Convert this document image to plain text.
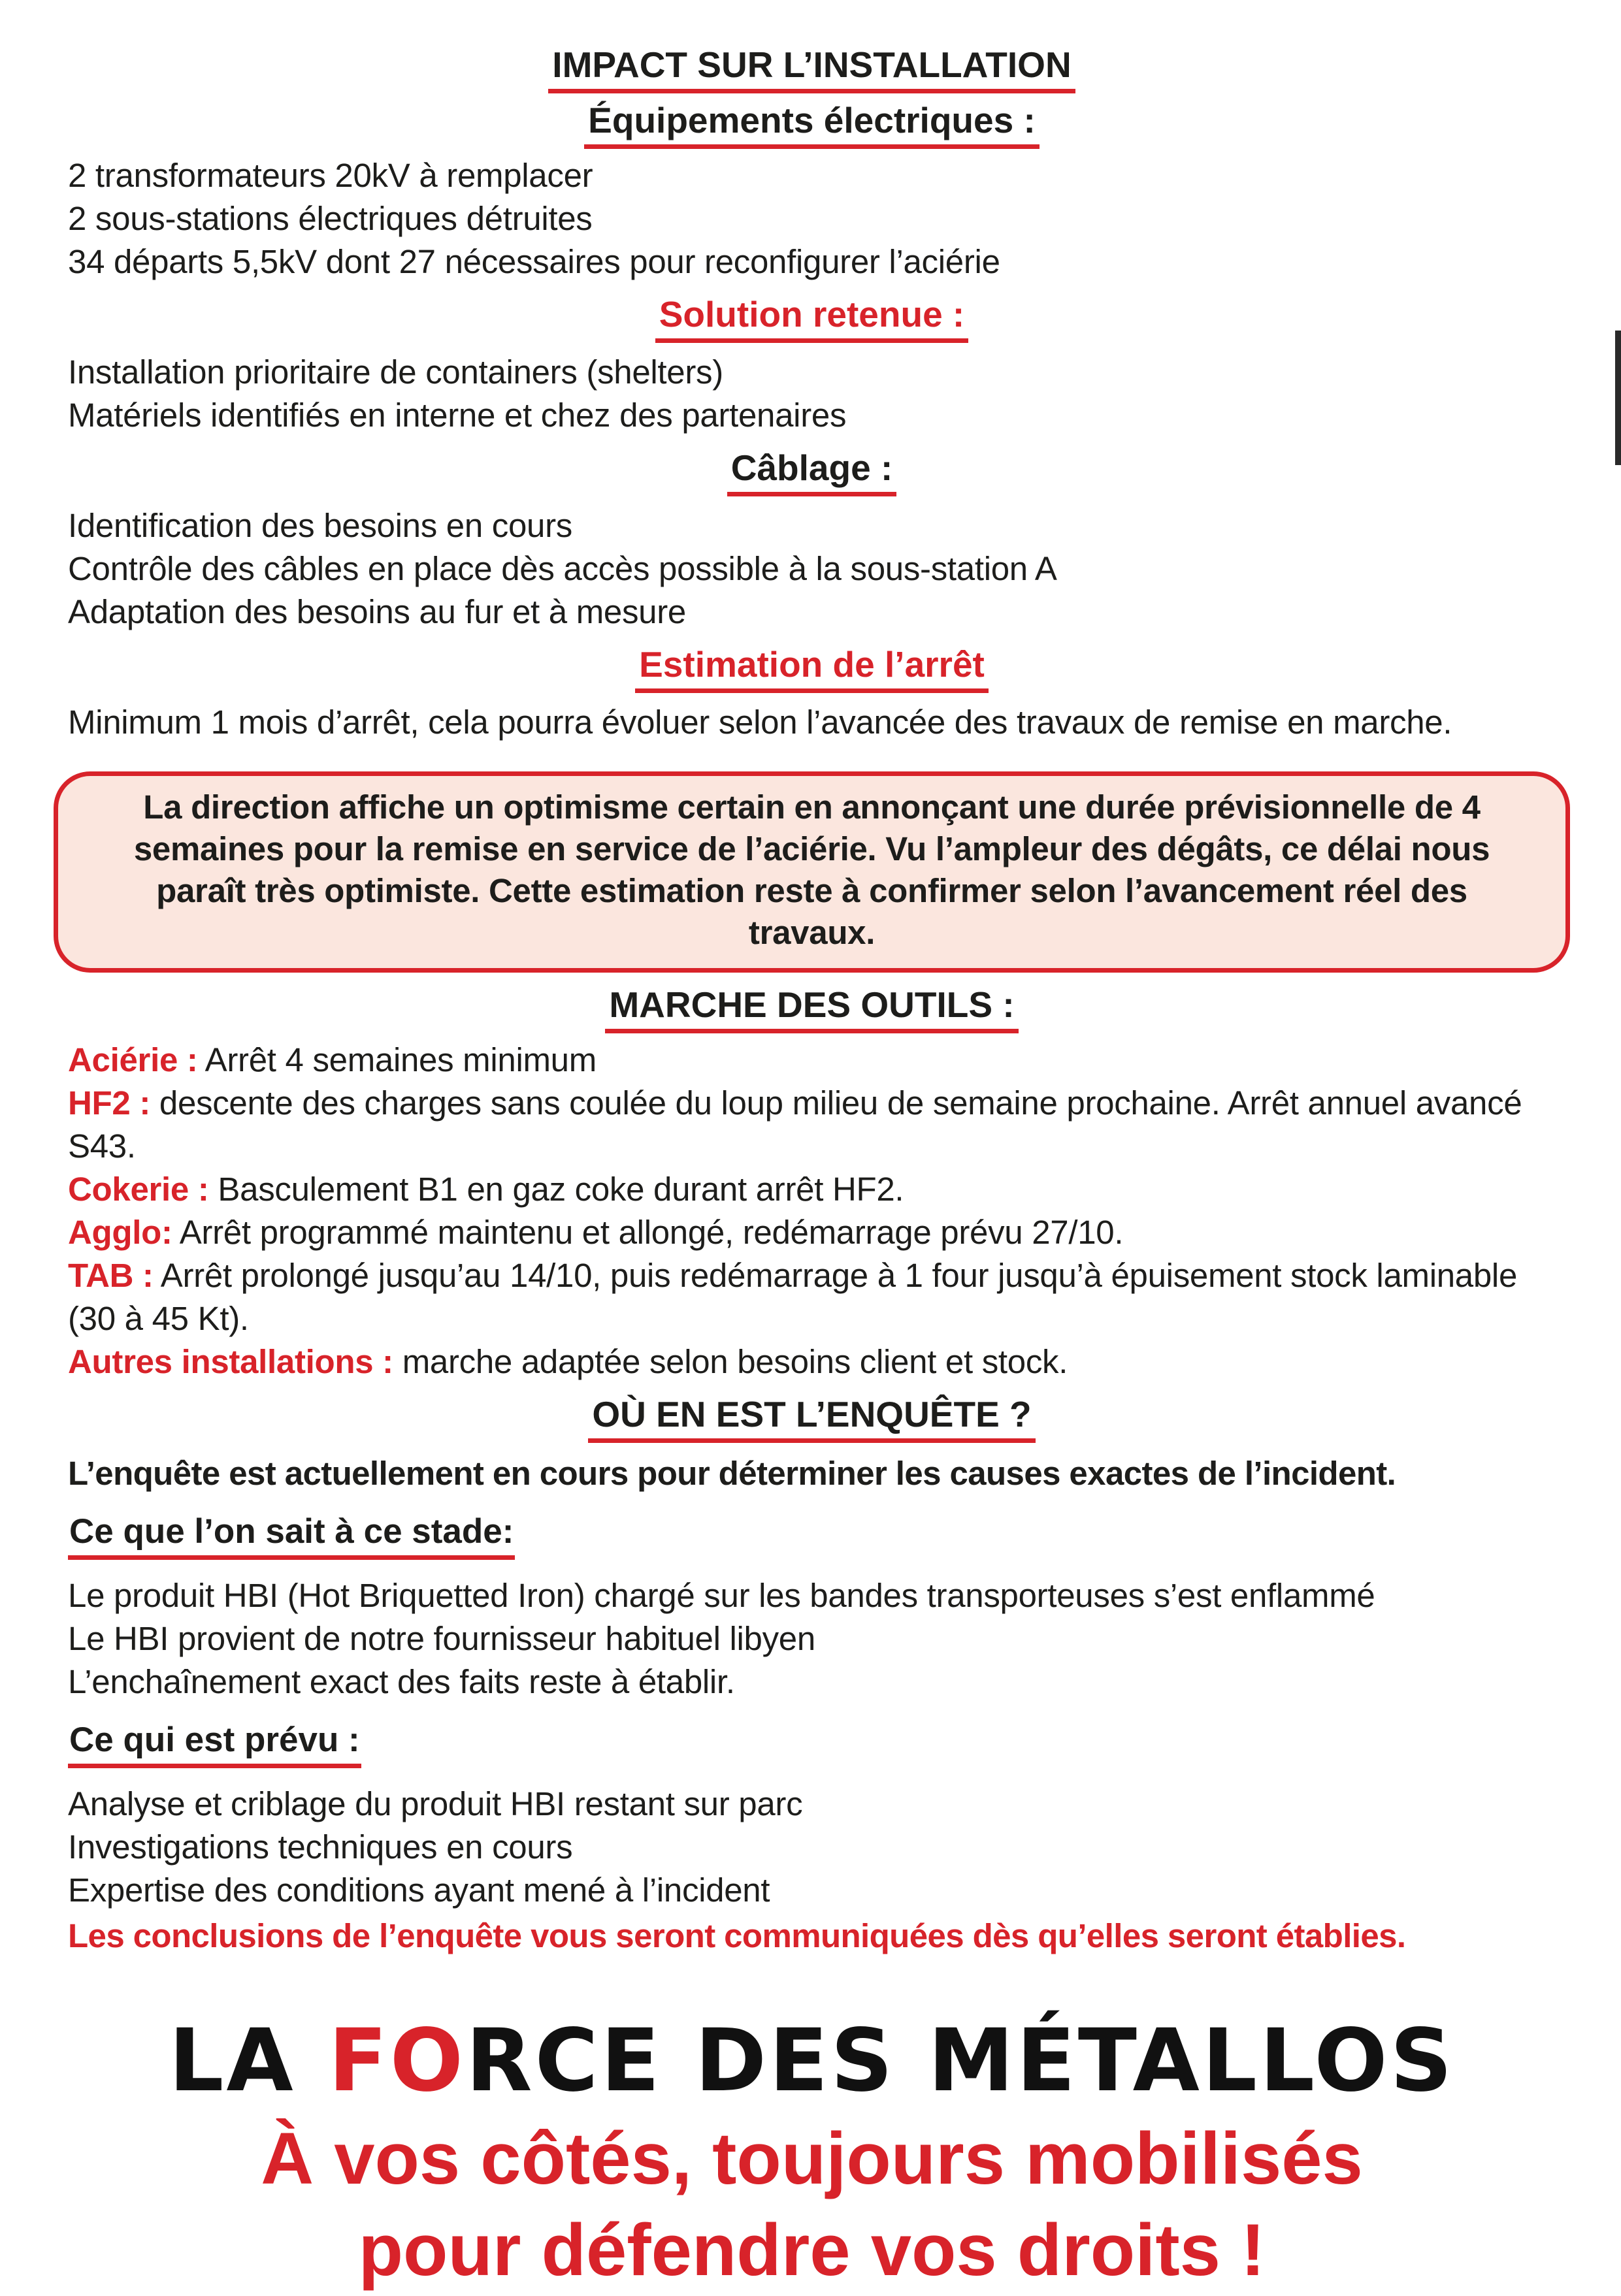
IMPACT SUR L’INSTALLATION
Équipements électriques :

2 transformateurs 20kV à remplacer

2 sous-stations électriques détruites

34 départs 5,5kV dont 27 nécessaires pour reconfigurer l’aciérie

Solution retenue :

Installation prioritaire de containers (shelters)

Matériels identifiés en interne et chez des partenaires

Câblage :

Identification des besoins en cours

Contrôle des câbles en place dès accès possible à la sous-station A

Adaptation des besoins au fur et à mesure

Estimation de l’arrêt

Minimum 1 mois d’arrêt, cela pourra évoluer selon l’avancée des travaux de remise en marche.

La direction affiche un optimisme certain en annonçant une durée prévisionnelle de 4 semaines pour la remise en service de l’aciérie. Vu l’ampleur des dégâts, ce délai nous paraît très optimiste. Cette estimation reste à confirmer selon l’avancement réel des travaux.
MARCHE DES OUTILS :

Aciérie : Arrêt 4 semaines minimum

HF2 : descente des charges sans coulée du loup milieu de semaine prochaine. Arrêt annuel avancé S43.

Cokerie : Basculement B1 en gaz coke durant arrêt HF2.

Agglo: Arrêt programmé maintenu et allongé, redémarrage prévu 27/10.

TAB : Arrêt prolongé jusqu’au 14/10, puis redémarrage à 1 four jusqu’à épuisement stock laminable (30 à 45 Kt).

Autres installations : marche adaptée selon besoins client et stock.

OÙ EN EST L’ENQUÊTE ?

L’enquête est actuellement en cours pour déterminer les causes exactes de l’incident.

Ce que l’on sait à ce stade:

Le produit HBI (Hot Briquetted Iron) chargé sur les bandes transporteuses s’est enflammé

Le HBI provient de notre fournisseur habituel libyen

L’enchaînement exact des faits reste à établir.

Ce qui est prévu :

Analyse et criblage du produit HBI restant sur parc

Investigations techniques en cours

Expertise des conditions ayant mené à l’incident

Les conclusions de l’enquête vous seront communiquées dès qu’elles seront établies.

LA FORCE DES MÉTALLOS

À vos côtés, toujours mobilisés

pour défendre vos droits !
